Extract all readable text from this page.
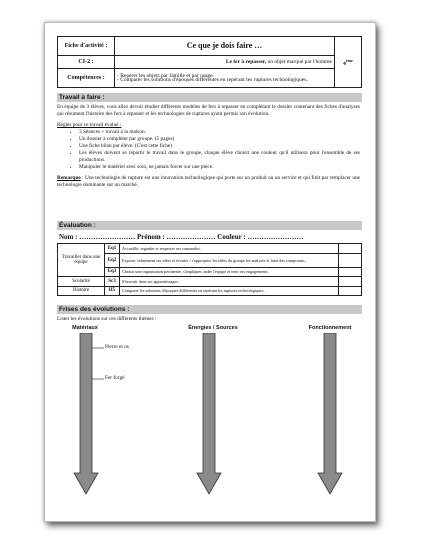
Fiche d'activité :	Ce que je dois faire …	4ème
CI-2 :	Le fer à repasser, un objet marqué par l'homme	
Compétences :	- Repérer les objets par famille et par usage.
- Comparer les solutions d'époques différentes en repérant les ruptures technologiques.	
Travail à faire :
En équipe de 3 élèves, vous allez devoir étudier différents modèles de fers à repasser en complétant le dossier contenant des fiches d'analyses qui résument l'histoire des fers à repasser et les technologies de ruptures ayant permis son évolution.
Règles pour ce travail évalué :
• 3 Séances + travail à la maison.
• Un dossier à compléter par groupe. (5 pages)
• Une fiche bilan par élève. (C'est cette fiche)
• Les élèves doivent se répartir le travail dans le groupe, chaque élève choisit une couleur qu'il utilisera pour l'ensemble de ses productions.
• Manipuler le matériel avec soin, ne jamais forcer sur une pièce.
Remarque : Une technologie de rupture est une innovation technologique qui porte sur un produit ou un service et qui finit par remplacer une technologie dominante sur un marché.
Évaluation :
Nom : …………………… Prénom : ………………… Couleur : ……………………
Travailler dans une équipe	Eq1	Accueillir, regarder et respecter ses camarades.	
	Eq2	Exposer calmement ses idées et écouter / s'approprier les idées du groupe les analyser et faire des compromis.	
	Eq3	Choisir une organisation pertinente, s'impliquer, aider l'équipe et tenir ses engagements.	
Scolarité	Sc3	S'investir dans ses apprentissages.	
Histoire	H5	Comparer les solutions d'époques différentes en repérant les ruptures technologiques.	
Frises des évolutions :
Lister les évolutions sur ces différents thèmes :
Matériaux	Énergies / Sources	Fonctionnement
Pierre et os
Fer forgé
